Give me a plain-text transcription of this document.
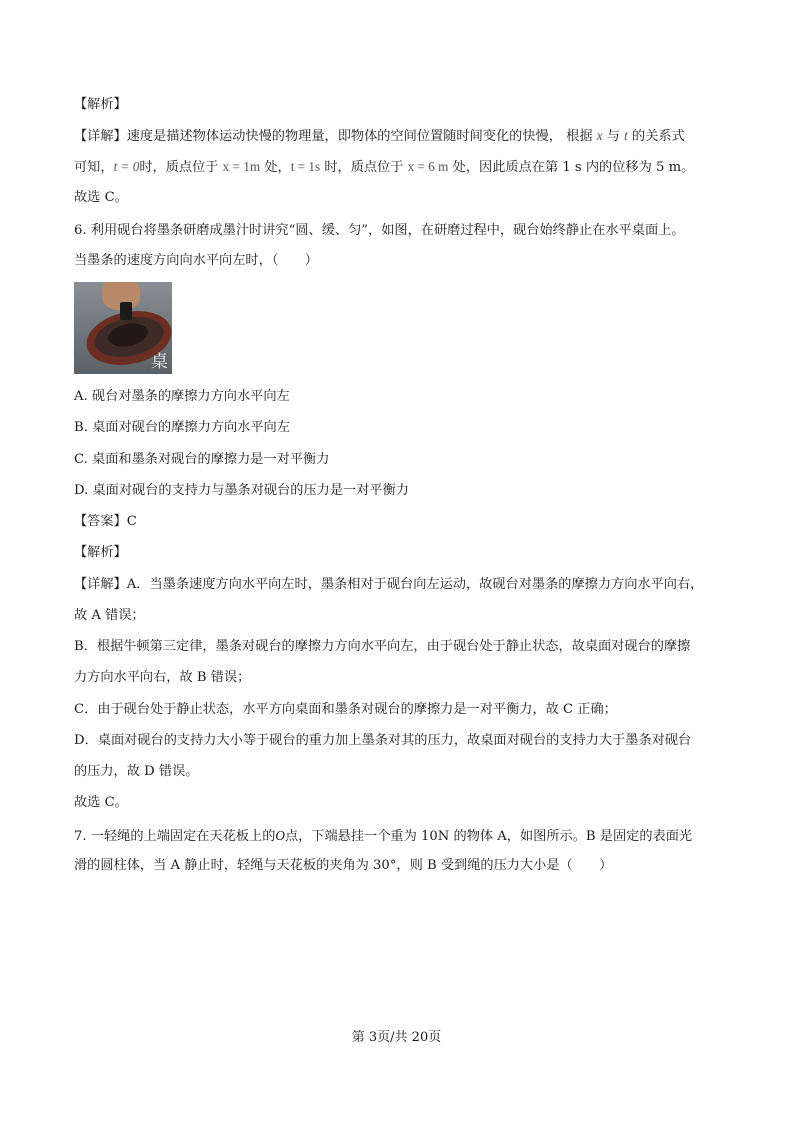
【解析】
【详解】速度是描述物体运动快慢的物理量，即物体的空间位置随时间变化的快慢， 根据 x 与 t 的关系式
可知，t = 0时，质点位于 x = 1m 处，t = 1s 时，质点位于 x = 6 m 处，因此质点在第 1 s 内的位移为 5 m。
故选 C。
6. 利用砚台将墨条研磨成墨汁时讲究“圆、缓、匀”，如图，在研磨过程中，砚台始终静止在水平桌面上。
当墨条的速度方向向水平向左时，（　　）
桌
A. 砚台对墨条的摩擦力方向水平向左
B. 桌面对砚台的摩擦力方向水平向左
C. 桌面和墨条对砚台的摩擦力是一对平衡力
D. 桌面对砚台的支持力与墨条对砚台的压力是一对平衡力
【答案】C
【解析】
【详解】A．当墨条速度方向水平向左时，墨条相对于砚台向左运动，故砚台对墨条的摩擦力方向水平向右，
故 A 错误；
B．根据牛顿第三定律，墨条对砚台的摩擦力方向水平向左，由于砚台处于静止状态，故桌面对砚台的摩擦
力方向水平向右，故 B 错误；
C．由于砚台处于静止状态，水平方向桌面和墨条对砚台的摩擦力是一对平衡力，故 C 正确；
D．桌面对砚台的支持力大小等于砚台的重力加上墨条对其的压力，故桌面对砚台的支持力大于墨条对砚台
的压力，故 D 错误。
故选 C。
7. 一轻绳的上端固定在天花板上的O点，下端悬挂一个重为 10N 的物体 A，如图所示。B 是固定的表面光
滑的圆柱体，当 A 静止时，轻绳与天花板的夹角为 30°，则 B 受到绳的压力大小是（　　）
第 3页/共 20页
